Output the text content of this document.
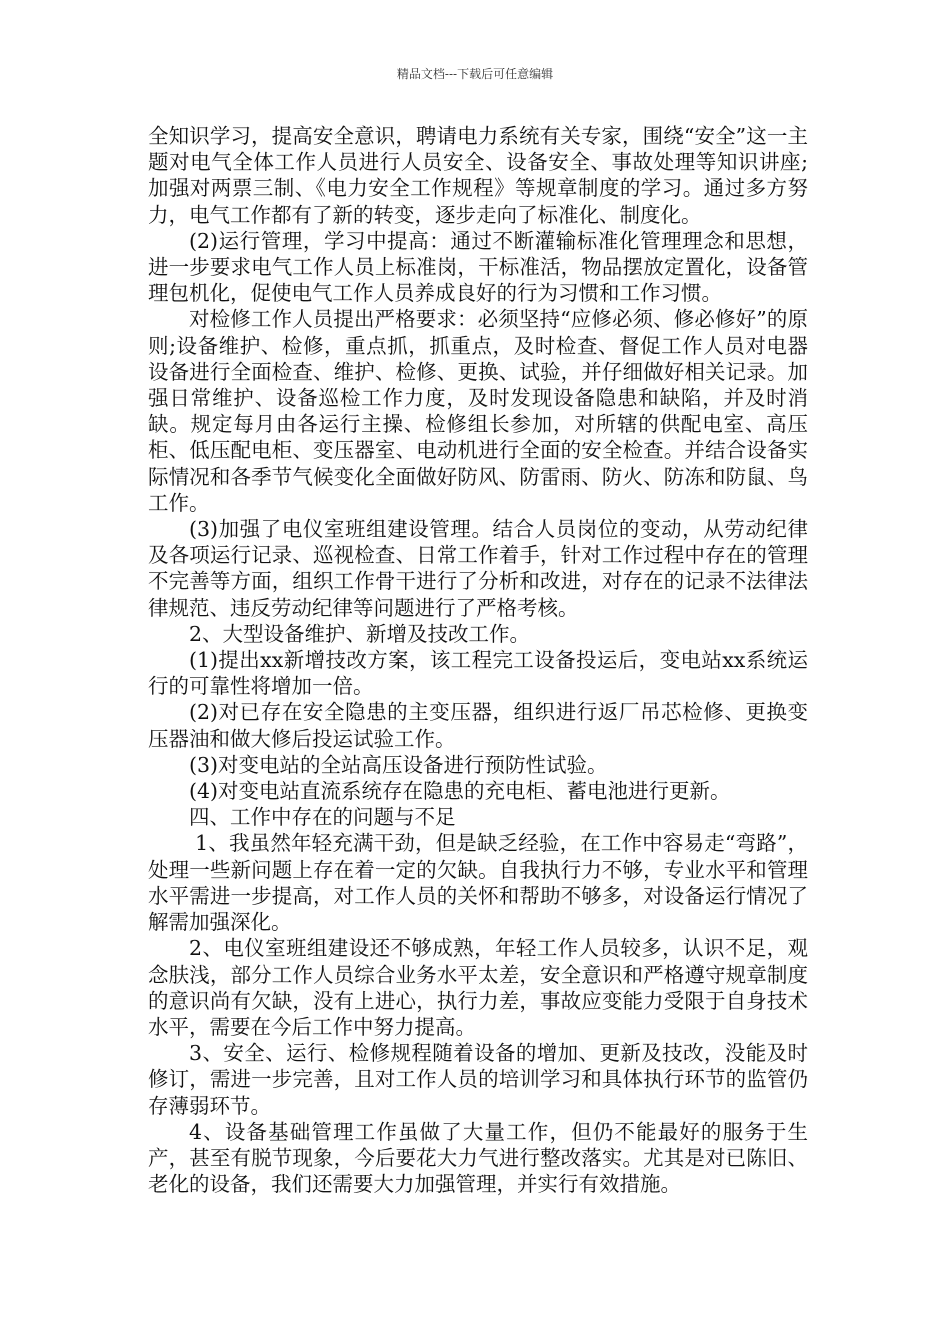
精品文档---下载后可任意编辑

全知识学习，提高安全意识，聘请电力系统有关专家，围绕“安全”这一主题对电气全体工作人员进行人员安全、设备安全、事故处理等知识讲座;加强对两票三制、《电力安全工作规程》等规章制度的学习。通过多方努力，电气工作都有了新的转变，逐步走向了标准化、制度化。

(2)运行管理，学习中提高：通过不断灌输标准化管理理念和思想，进一步要求电气工作人员上标准岗，干标准活，物品摆放定置化，设备管理包机化，促使电气工作人员养成良好的行为习惯和工作习惯。

对检修工作人员提出严格要求：必须坚持“应修必须、修必修好”的原则;设备维护、检修，重点抓，抓重点，及时检查、督促工作人员对电器设备进行全面检查、维护、检修、更换、试验，并仔细做好相关记录。加强日常维护、设备巡检工作力度，及时发现设备隐患和缺陷，并及时消缺。规定每月由各运行主操、检修组长参加，对所辖的供配电室、高压柜、低压配电柜、变压器室、电动机进行全面的安全检查。并结合设备实际情况和各季节气候变化全面做好防风、防雷雨、防火、防冻和防鼠、鸟工作。

(3)加强了电仪室班组建设管理。结合人员岗位的变动，从劳动纪律及各项运行记录、巡视检查、日常工作着手，针对工作过程中存在的管理不完善等方面，组织工作骨干进行了分析和改进，对存在的记录不法律法律规范、违反劳动纪律等问题进行了严格考核。

2、大型设备维护、新增及技改工作。

(1)提出xx新增技改方案，该工程完工设备投运后，变电站xx系统运行的可靠性将增加一倍。

(2)对已存在安全隐患的主变压器，组织进行返厂吊芯检修、更换变压器油和做大修后投运试验工作。

(3)对变电站的全站高压设备进行预防性试验。

(4)对变电站直流系统存在隐患的充电柜、蓄电池进行更新。

四、工作中存在的问题与不足

1、我虽然年轻充满干劲，但是缺乏经验，在工作中容易走“弯路”，处理一些新问题上存在着一定的欠缺。自我执行力不够，专业水平和管理水平需进一步提高，对工作人员的关怀和帮助不够多，对设备运行情况了解需加强深化。

2、电仪室班组建设还不够成熟，年轻工作人员较多，认识不足，观念肤浅，部分工作人员综合业务水平太差，安全意识和严格遵守规章制度的意识尚有欠缺，没有上进心，执行力差，事故应变能力受限于自身技术水平，需要在今后工作中努力提高。

3、安全、运行、检修规程随着设备的增加、更新及技改，没能及时修订，需进一步完善，且对工作人员的培训学习和具体执行环节的监管仍存薄弱环节。

4、设备基础管理工作虽做了大量工作，但仍不能最好的服务于生产，甚至有脱节现象，今后要花大力气进行整改落实。尤其是对已陈旧、老化的设备，我们还需要大力加强管理，并实行有效措施。
